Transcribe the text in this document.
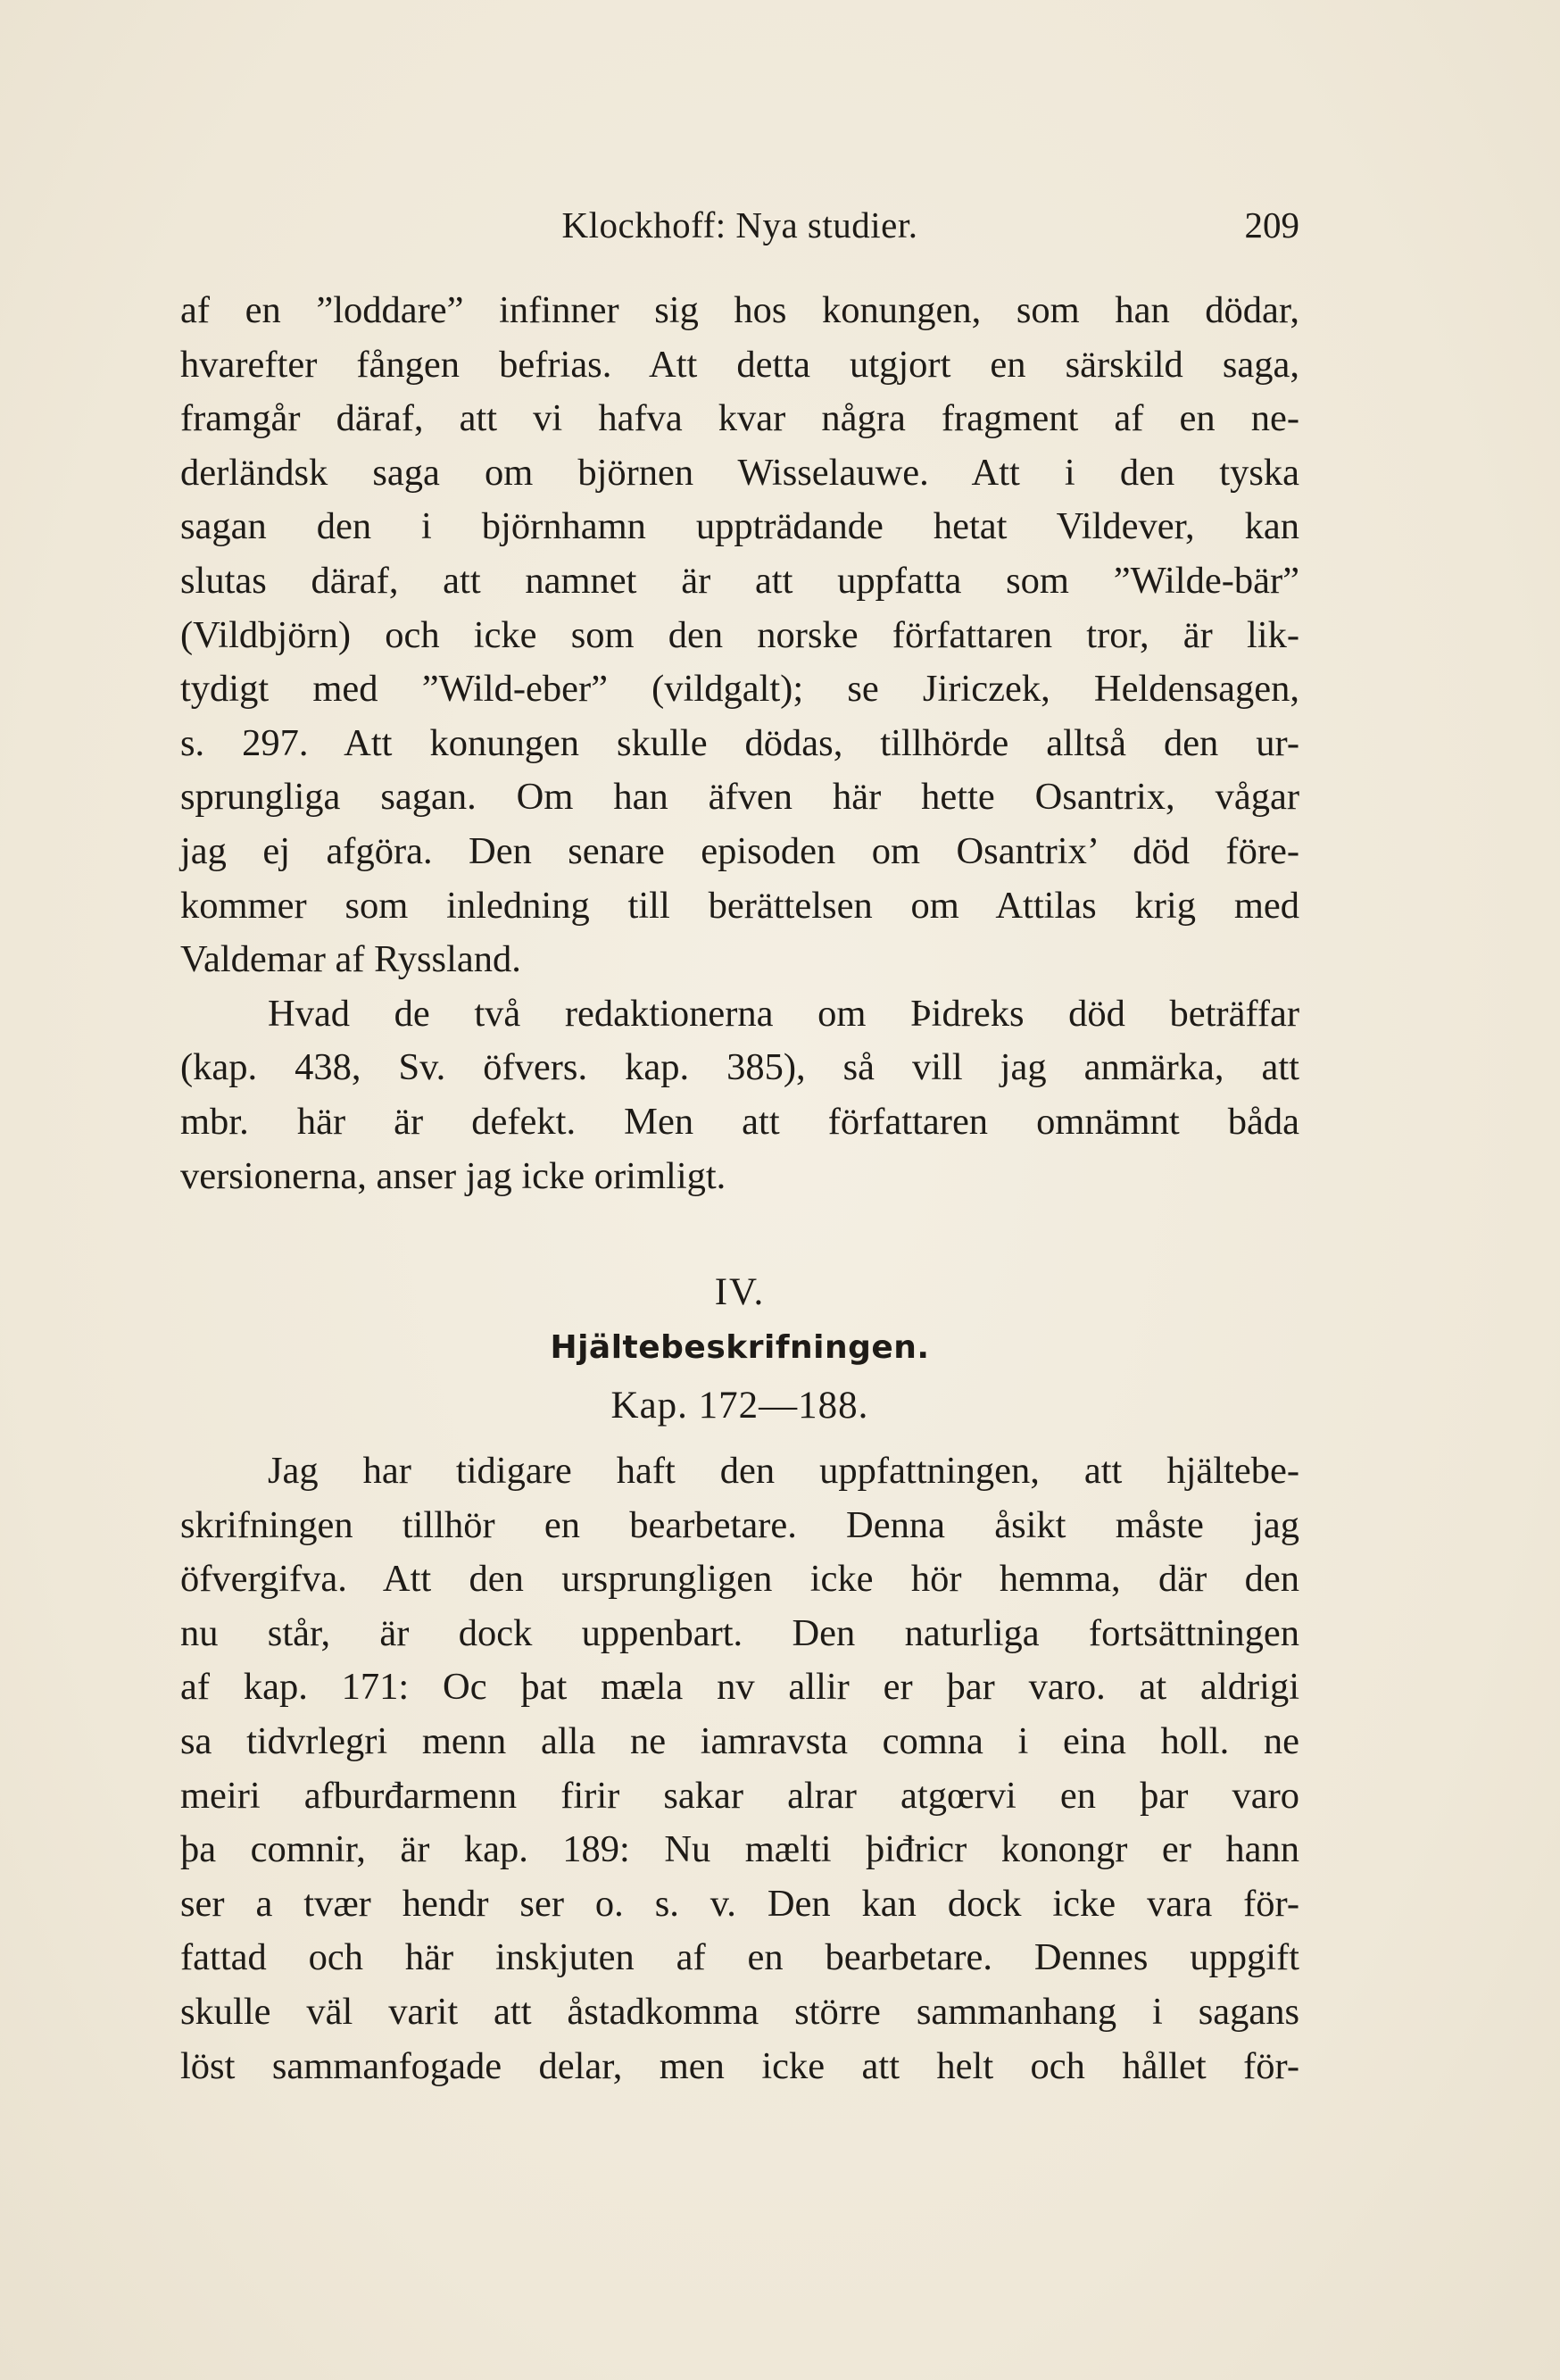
Klockhoff: Nya studier.	209
af en ”loddare” infinner sig hos konungen, som han dödar,
hvarefter fången befrias. Att detta utgjort en särskild saga,
framgår däraf, att vi hafva kvar några fragment af en ne-
derländsk saga om björnen Wisselauwe. Att i den tyska
sagan den i björnhamn uppträdande hetat Vildever, kan
slutas däraf, att namnet är att uppfatta som ”Wilde-bär”
(Vildbjörn) och icke som den norske författaren tror, är lik-
tydigt med ”Wild-eber” (vildgalt); se Jiriczek, Heldensagen,
s. 297. Att konungen skulle dödas, tillhörde alltså den ur-
sprungliga sagan. Om han äfven här hette Osantrix, vågar
jag ej afgöra. Den senare episoden om Osantrix’ död före-
kommer som inledning till berättelsen om Attilas krig med
Valdemar af Ryssland.
Hvad de två redaktionerna om Þidreks död beträffar
(kap. 438, Sv. öfvers. kap. 385), så vill jag anmärka, att
mbr. här är defekt. Men att författaren omnämnt båda
versionerna, anser jag icke orimligt.
IV.
Hjältebeskrifningen.
Kap. 172—188.
Jag har tidigare haft den uppfattningen, att hjältebe-
skrifningen tillhör en bearbetare. Denna åsikt måste jag
öfvergifva. Att den ursprungligen icke hör hemma, där den
nu står, är dock uppenbart. Den naturliga fortsättningen
af kap. 171: Oc þat mæla nv allir er þar varo. at aldrigi
sa tidvrlegri menn alla ne iamravsta comna i eina holl. ne
meiri afburđarmenn firir sakar alrar atgœrvi en þar varo
þa comnir, är kap. 189: Nu mælti þiđricr konongr er hann
ser a tvær hendr ser o. s. v. Den kan dock icke vara för-
fattad och här inskjuten af en bearbetare. Dennes uppgift
skulle väl varit att åstadkomma större sammanhang i sagans
löst sammanfogade delar, men icke att helt och hållet för-
